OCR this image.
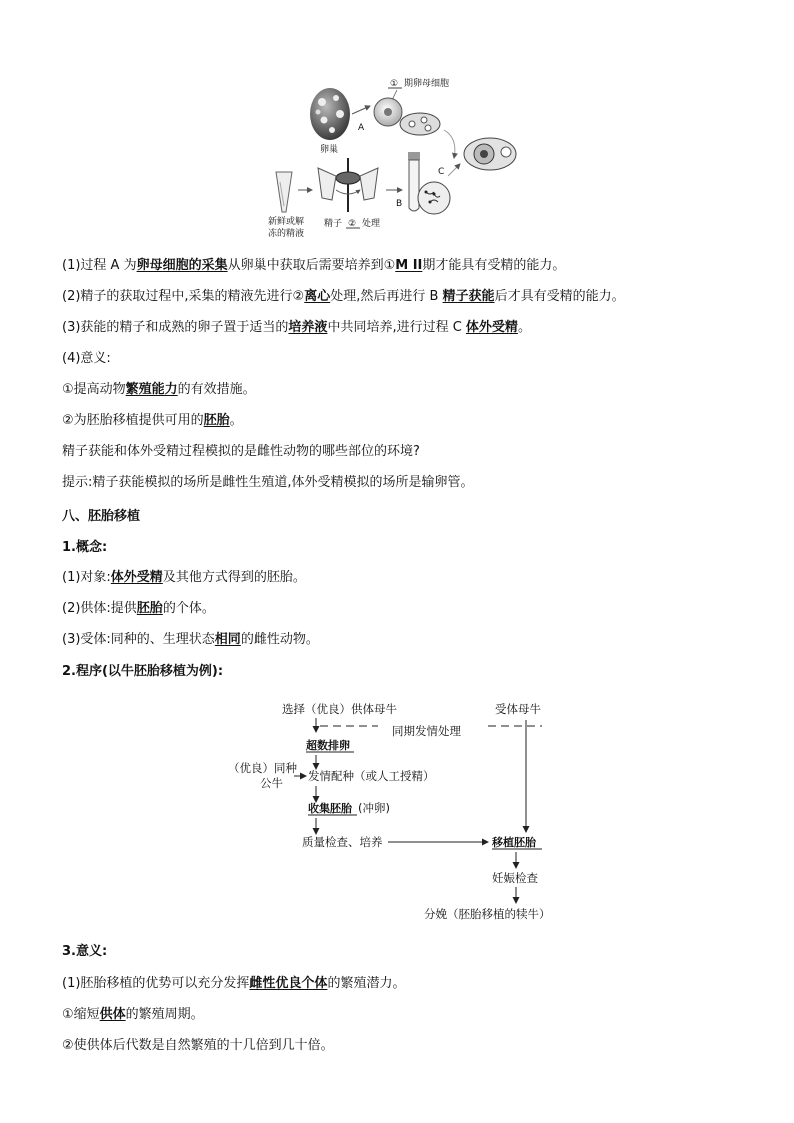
卵巢
① 期卵母细胞
A
C
新鲜或解
冻的精液
精子 ② 处理
B
(1)过程 A 为卵母细胞的采集从卵巢中获取后需要培养到①M II期才能具有受精的能力。
(2)精子的获取过程中,采集的精液先进行②离心处理,然后再进行 B 精子获能后才具有受精的能力。
(3)获能的精子和成熟的卵子置于适当的培养液中共同培养,进行过程 C 体外受精。
(4)意义:
①提高动物繁殖能力的有效措施。
②为胚胎移植提供可用的胚胎。
精子获能和体外受精过程模拟的是雌性动物的哪些部位的环境?
提示:精子获能模拟的场所是雌性生殖道,体外受精模拟的场所是输卵管。
八、胚胎移植
1.概念:
(1)对象:体外受精及其他方式得到的胚胎。
(2)供体:提供胚胎的个体。
(3)受体:同种的、生理状态相同的雌性动物。
2.程序(以牛胚胎移植为例):
选择（优良）供体母牛	受体母牛
同期发情处理
超数排卵
（优良）同种
公牛 发情配种（或人工授精）
收集胚胎 (冲卵)
质量检查、培养	移植胚胎
妊娠检查
分娩（胚胎移植的犊牛）
3.意义:
(1)胚胎移植的优势可以充分发挥雌性优良个体的繁殖潜力。
①缩短供体的繁殖周期。
②使供体后代数是自然繁殖的十几倍到几十倍。
